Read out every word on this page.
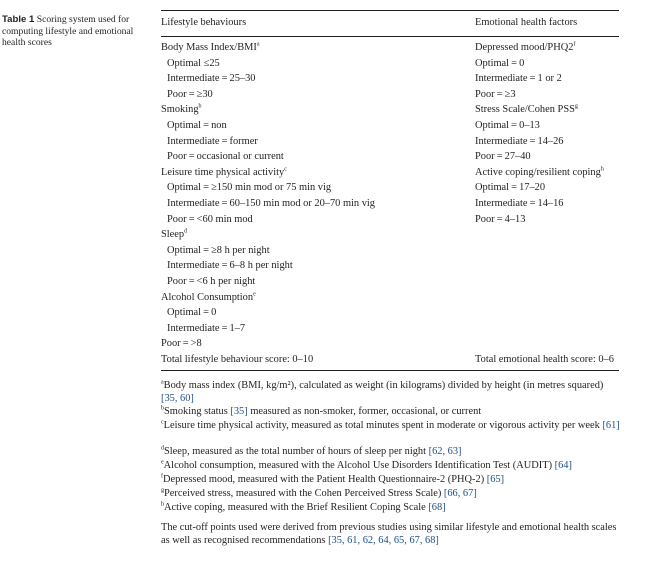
Table 1 Scoring system used for computing lifestyle and emotional health scores
Lifestyle behaviours	Emotional health factors
Total lifestyle behaviour score: 0–10	Total emotional health score: 0–6
Body Mass Index/BMI$^a$
Optimal ≤25
Intermediate = 25–30
Poor = ≥30
Smoking$^b$
Optimal = non
Intermediate = former
Poor = occasional or current
Leisure time physical activity$^c$
Optimal = ≥150 min mod or 75 min vig
Intermediate = 60–150 min mod or 20–70 min vig
Poor = <60 min mod
Sleep$^d$
Optimal = ≥8 h per night
Intermediate = 6–8 h per night
Poor = <6 h per night
Alcohol Consumption$^e$
Optimal = 0
Intermediate = 1–7
Poor = >8
Depressed mood/PHQ2$^f$
Optimal = 0
Intermediate = 1 or 2
Poor = ≥3
Stress Scale/Cohen PSS$^g$
Optimal = 0–13
Intermediate = 14–26
Poor = 27–40
Active coping/resilient coping$^h$
Optimal = 17–20
Intermediate = 14–16
Poor = 4–13
$^a$Body mass index (BMI, kg/m²), calculated as weight (in kilograms) divided by height (in metres squared) [35, 60]
$^b$Smoking status [35] measured as non-smoker, former, occasional, or current
$^c$Leisure time physical activity, measured as total minutes spent in moderate or vigorous activity per week [61]
$^d$Sleep, measured as the total number of hours of sleep per night [62, 63]
$^e$Alcohol consumption, measured with the Alcohol Use Disorders Identification Test (AUDIT) [64]
$^f$Depressed mood, measured with the Patient Health Questionnaire-2 (PHQ-2) [65]
$^g$Perceived stress, measured with the Cohen Perceived Stress Scale) [66, 67]
$^h$Active coping, measured with the Brief Resilient Coping Scale [68]
The cut-off points used were derived from previous studies using similar lifestyle and emotional health scales as well as recognised recommendations [35, 61, 62, 64, 65, 67, 68]
